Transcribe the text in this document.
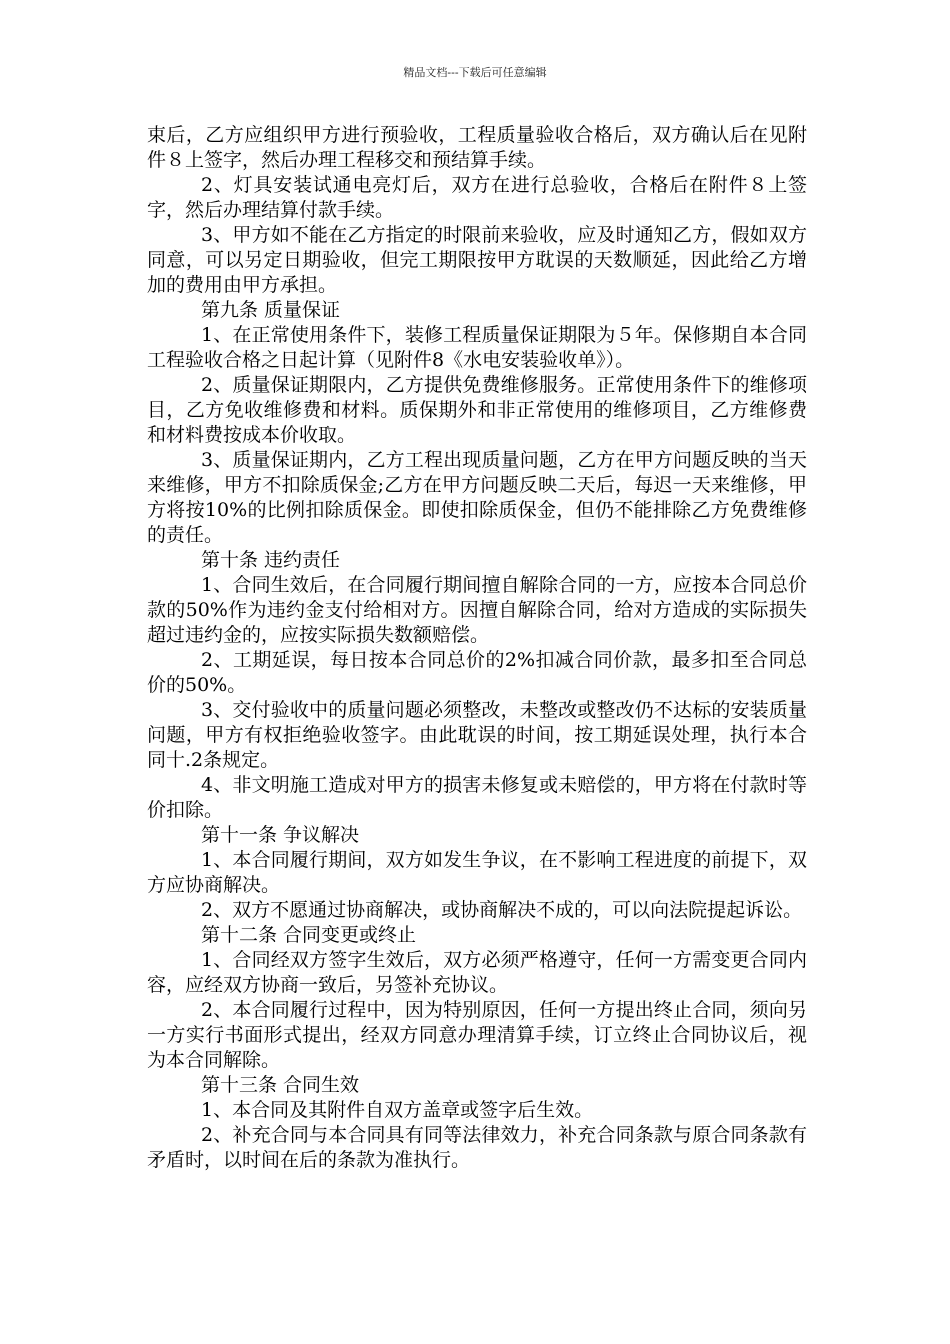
精品文档---下载后可任意编辑

束后，乙方应组织甲方进行预验收，工程质量验收合格后，双方确认后在见附件８上签字，然后办理工程移交和预结算手续。

2、灯具安装试通电亮灯后，双方在进行总验收，合格后在附件８上签字，然后办理结算付款手续。

3、甲方如不能在乙方指定的时限前来验收，应及时通知乙方，假如双方同意，可以另定日期验收，但完工期限按甲方耽误的天数顺延，因此给乙方增加的费用由甲方承担。

第九条 质量保证

1、在正常使用条件下，装修工程质量保证期限为５年。保修期自本合同工程验收合格之日起计算（见附件8《水电安装验收单》）。

2、质量保证期限内，乙方提供免费维修服务。正常使用条件下的维修项目，乙方免收维修费和材料。质保期外和非正常使用的维修项目，乙方维修费和材料费按成本价收取。

3、质量保证期内，乙方工程出现质量问题，乙方在甲方问题反映的当天来维修，甲方不扣除质保金;乙方在甲方问题反映二天后，每迟一天来维修，甲方将按10%的比例扣除质保金。即使扣除质保金，但仍不能排除乙方免费维修的责任。

第十条 违约责任

1、合同生效后，在合同履行期间擅自解除合同的一方，应按本合同总价款的50%作为违约金支付给相对方。因擅自解除合同，给对方造成的实际损失超过违约金的，应按实际损失数额赔偿。

2、工期延误，每日按本合同总价的2%扣减合同价款，最多扣至合同总价的50%。

3、交付验收中的质量问题必须整改，未整改或整改仍不达标的安装质量问题，甲方有权拒绝验收签字。由此耽误的时间，按工期延误处理，执行本合同十.2条规定。

4、非文明施工造成对甲方的损害未修复或未赔偿的，甲方将在付款时等价扣除。

第十一条 争议解决

1、本合同履行期间，双方如发生争议，在不影响工程进度的前提下，双方应协商解决。

2、双方不愿通过协商解决，或协商解决不成的，可以向法院提起诉讼。

第十二条 合同变更或终止

1、合同经双方签字生效后，双方必须严格遵守，任何一方需变更合同内容，应经双方协商一致后，另签补充协议。

2、本合同履行过程中，因为特别原因，任何一方提出终止合同，须向另一方实行书面形式提出，经双方同意办理清算手续，订立终止合同协议后，视为本合同解除。

第十三条 合同生效

1、本合同及其附件自双方盖章或签字后生效。

2、补充合同与本合同具有同等法律效力，补充合同条款与原合同条款有矛盾时，以时间在后的条款为准执行。
